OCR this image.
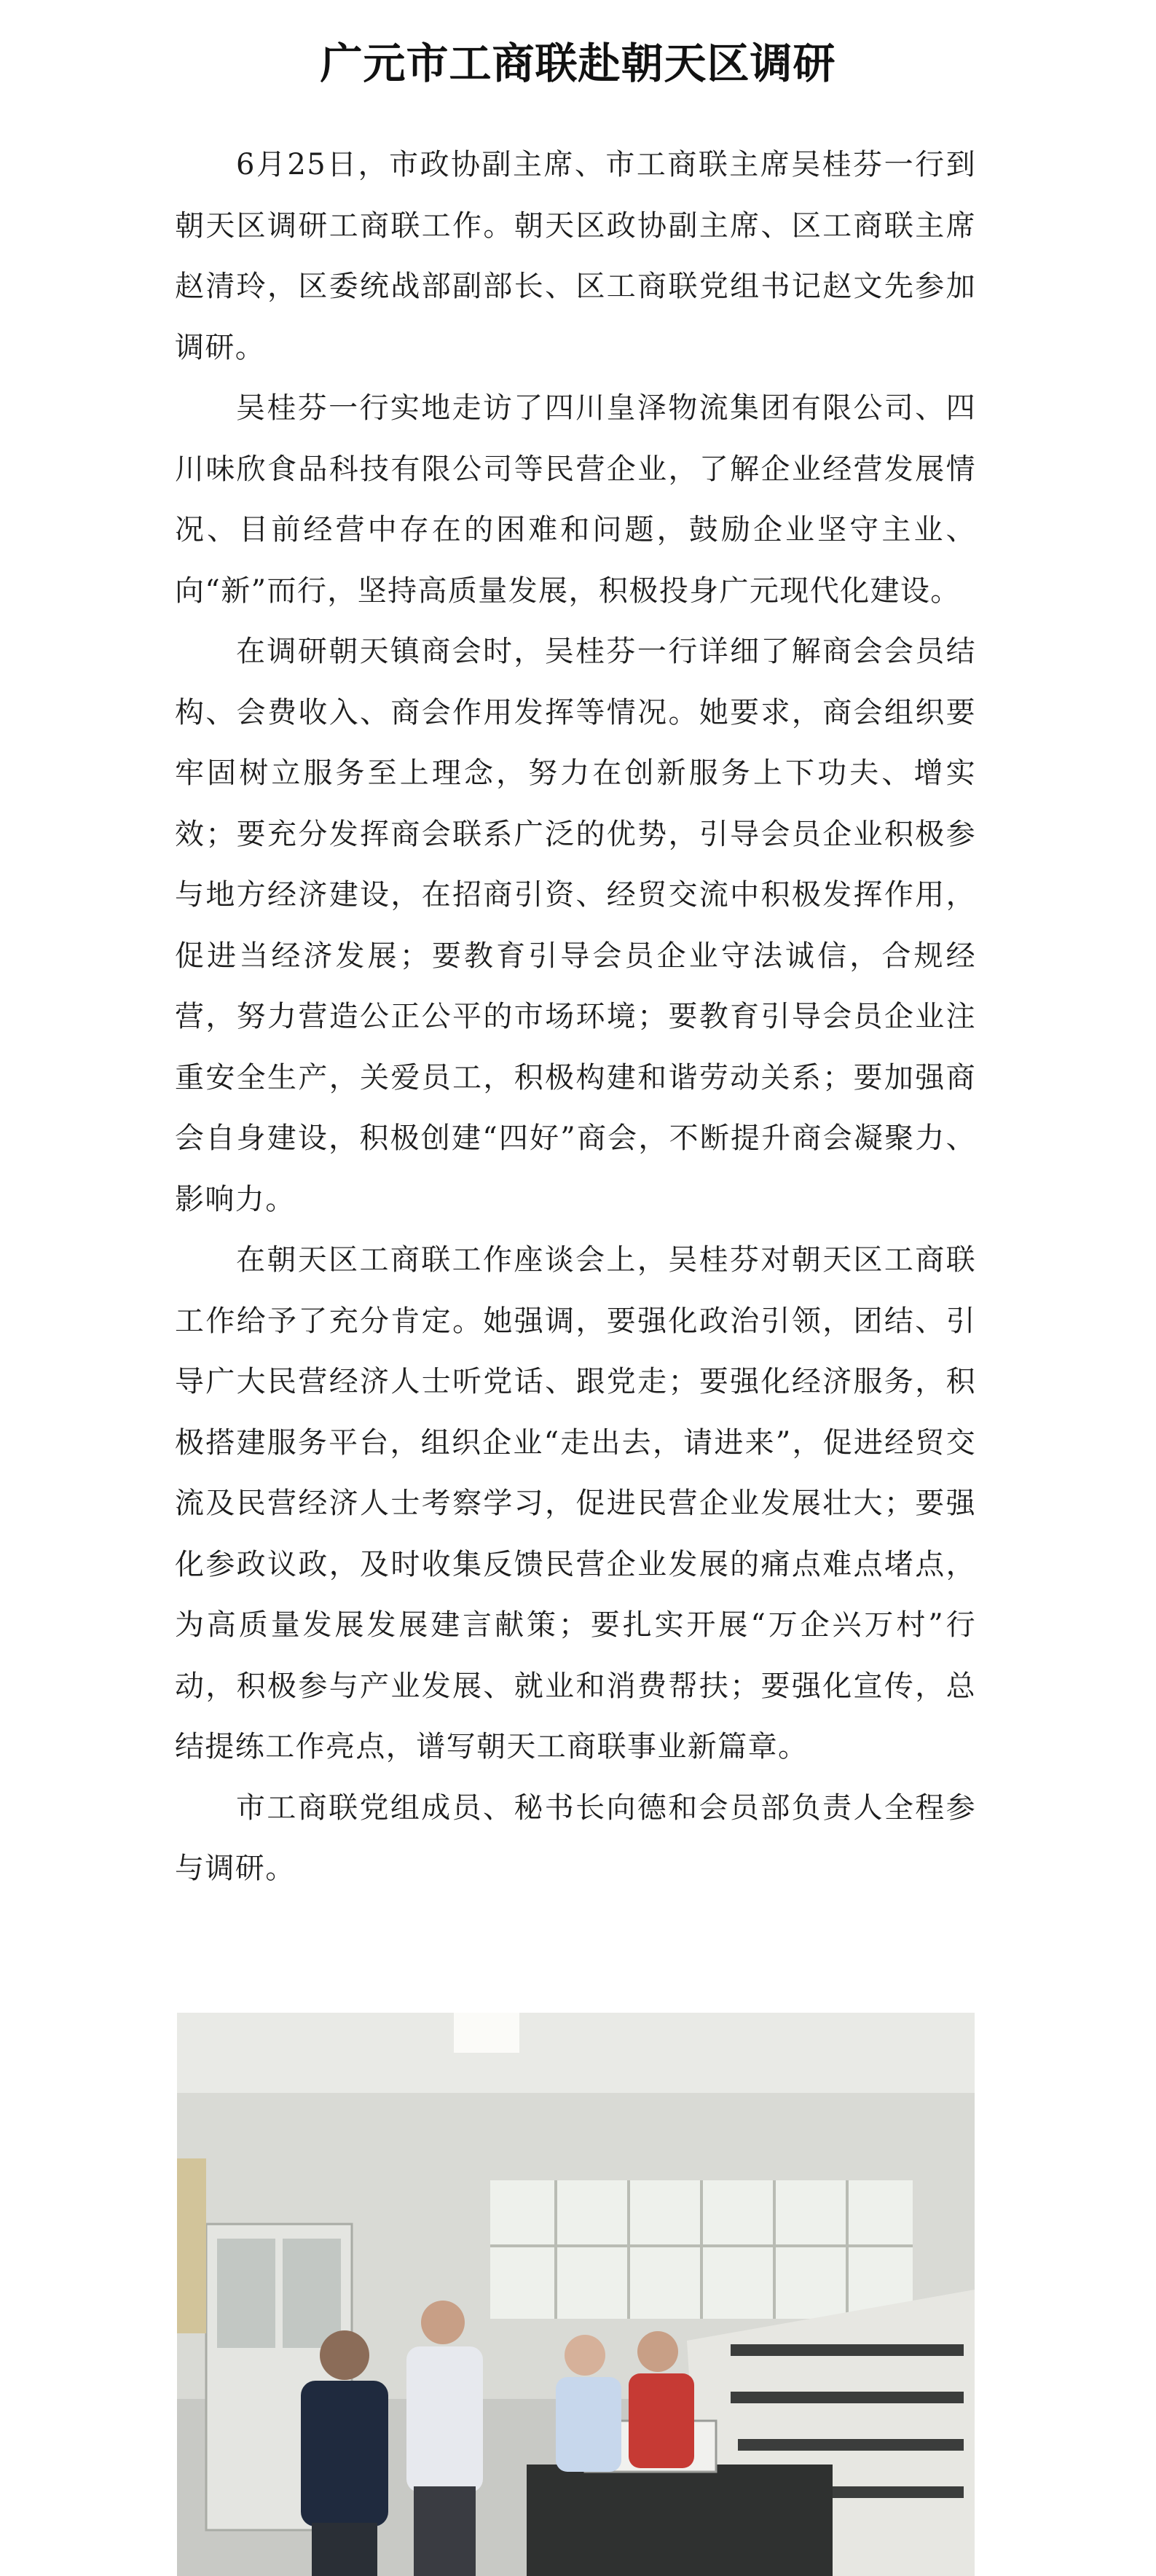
广元市工商联赴朝天区调研

6月25日，市政协副主席、市工商联主席吴桂芬一行到朝天区调研工商联工作。朝天区政协副主席、区工商联主席赵清玲，区委统战部副部长、区工商联党组书记赵文先参加调研。

吴桂芬一行实地走访了四川皇泽物流集团有限公司、四川味欣食品科技有限公司等民营企业，了解企业经营发展情况、目前经营中存在的困难和问题，鼓励企业坚守主业、向“新”而行，坚持高质量发展，积极投身广元现代化建设。

在调研朝天镇商会时，吴桂芬一行详细了解商会会员结构、会费收入、商会作用发挥等情况。她要求，商会组织要牢固树立服务至上理念，努力在创新服务上下功夫、增实效；要充分发挥商会联系广泛的优势，引导会员企业积极参与地方经济建设，在招商引资、经贸交流中积极发挥作用，促进当经济发展；要教育引导会员企业守法诚信，合规经营，努力营造公正公平的市场环境；要教育引导会员企业注重安全生产，关爱员工，积极构建和谐劳动关系；要加强商会自身建设，积极创建“四好”商会，不断提升商会凝聚力、影响力。

在朝天区工商联工作座谈会上，吴桂芬对朝天区工商联工作给予了充分肯定。她强调，要强化政治引领，团结、引导广大民营经济人士听党话、跟党走；要强化经济服务，积极搭建服务平台，组织企业“走出去，请进来”，促进经贸交流及民营经济人士考察学习，促进民营企业发展壮大；要强化参政议政，及时收集反馈民营企业发展的痛点难点堵点，为高质量发展发展建言献策；要扎实开展“万企兴万村”行动，积极参与产业发展、就业和消费帮扶；要强化宣传，总结提练工作亮点，谱写朝天工商联事业新篇章。

市工商联党组成员、秘书长向德和会员部负责人全程参与调研。
